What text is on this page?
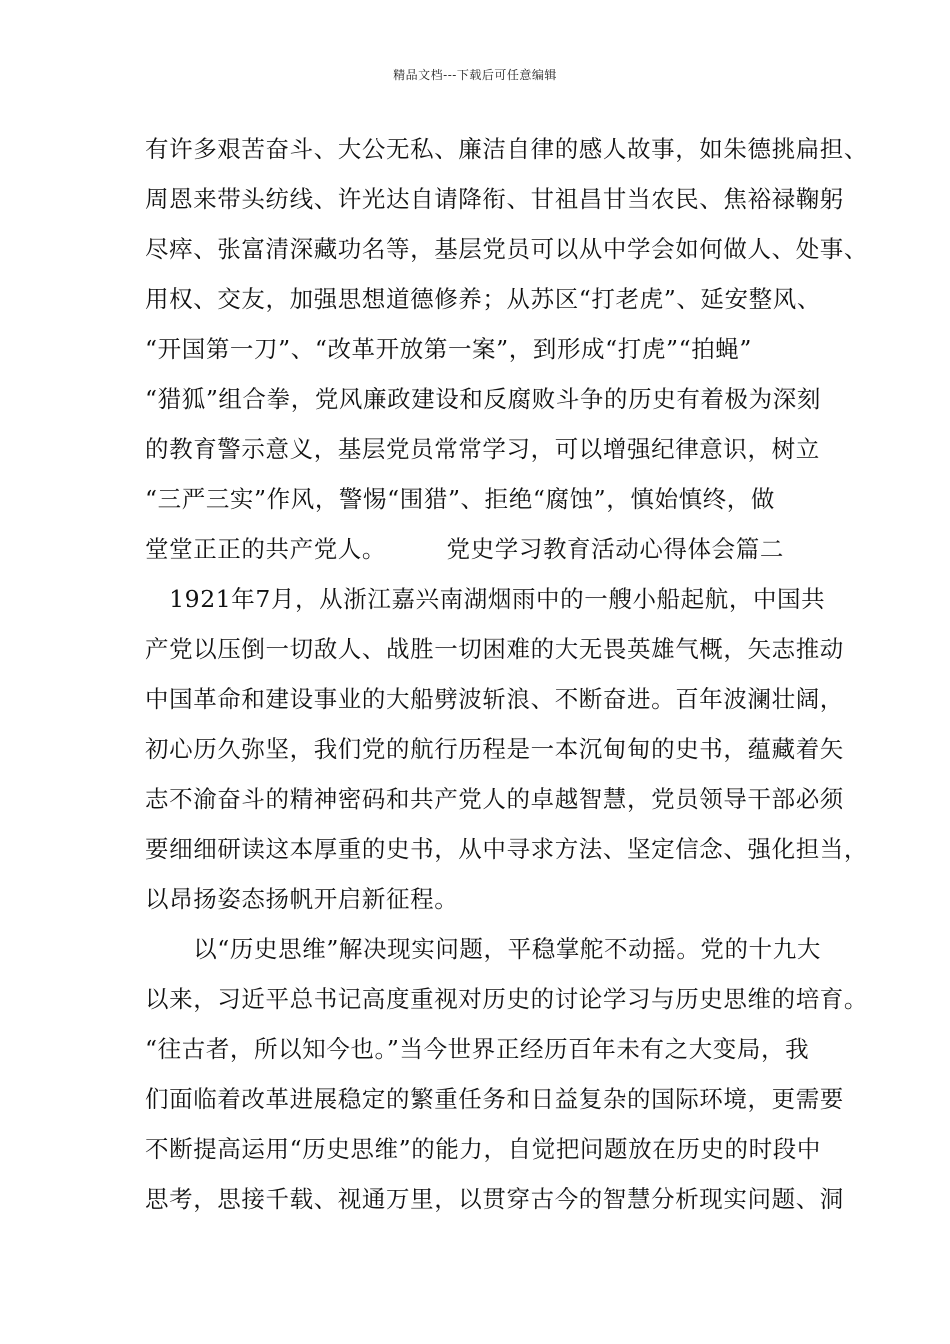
精品文档---下载后可任意编辑
有许多艰苦奋斗、大公无私、廉洁自律的感人故事，如朱德挑扁担、
周恩来带头纺线、许光达自请降衔、甘祖昌甘当农民、焦裕禄鞠躬
尽瘁、张富清深藏功名等，基层党员可以从中学会如何做人、处事、
用权、交友，加强思想道德修养；从苏区“打老虎”、延安整风、
“开国第一刀”、“改革开放第一案”，到形成“打虎”“拍蝇”
“猎狐”组合拳，党风廉政建设和反腐败斗争的历史有着极为深刻
的教育警示意义，基层党员常常学习，可以增强纪律意识，树立
“三严三实”作风，警惕“围猎”、拒绝“腐蚀”，慎始慎终，做
堂堂正正的共产党人。　　　党史学习教育活动心得体会篇二
　1921年7月，从浙江嘉兴南湖烟雨中的一艘小船起航，中国共
产党以压倒一切敌人、战胜一切困难的大无畏英雄气概，矢志推动
中国革命和建设事业的大船劈波斩浪、不断奋进。百年波澜壮阔，
初心历久弥坚，我们党的航行历程是一本沉甸甸的史书，蕴藏着矢
志不渝奋斗的精神密码和共产党人的卓越智慧，党员领导干部必须
要细细研读这本厚重的史书，从中寻求方法、坚定信念、强化担当，
以昂扬姿态扬帆开启新征程。
　　以“历史思维”解决现实问题，平稳掌舵不动摇。党的十九大
以来，习近平总书记高度重视对历史的讨论学习与历史思维的培育。
“往古者，所以知今也。”当今世界正经历百年未有之大变局，我
们面临着改革进展稳定的繁重任务和日益复杂的国际环境，更需要
不断提高运用“历史思维”的能力，自觉把问题放在历史的时段中
思考，思接千载、视通万里，以贯穿古今的智慧分析现实问题、洞
